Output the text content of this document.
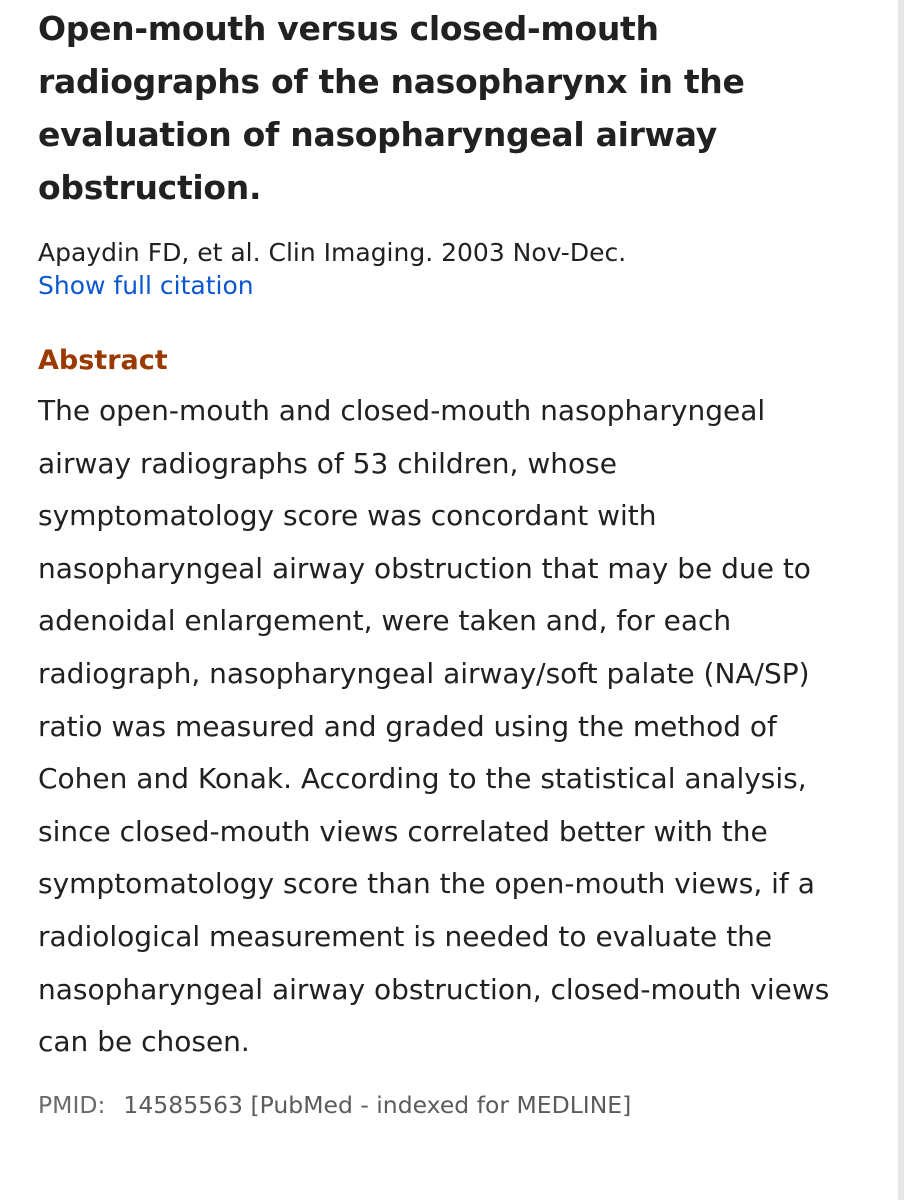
Open-mouth versus closed-mouth radiographs of the nasopharynx in the evaluation of nasopharyngeal airway obstruction.
Apaydin FD, et al. Clin Imaging. 2003 Nov-Dec.
Show full citation
Abstract

The open-mouth and closed-mouth nasopharyngeal airway radiographs of 53 children, whose symptomatology score was concordant with nasopharyngeal airway obstruction that may be due to adenoidal enlargement, were taken and, for each radiograph, nasopharyngeal airway/soft palate (NA/SP) ratio was measured and graded using the method of Cohen and Konak. According to the statistical analysis, since closed-mouth views correlated better with the symptomatology score than the open-mouth views, if a radiological measurement is needed to evaluate the nasopharyngeal airway obstruction, closed-mouth views can be chosen.

PMID: 14585563 [PubMed - indexed for MEDLINE]
